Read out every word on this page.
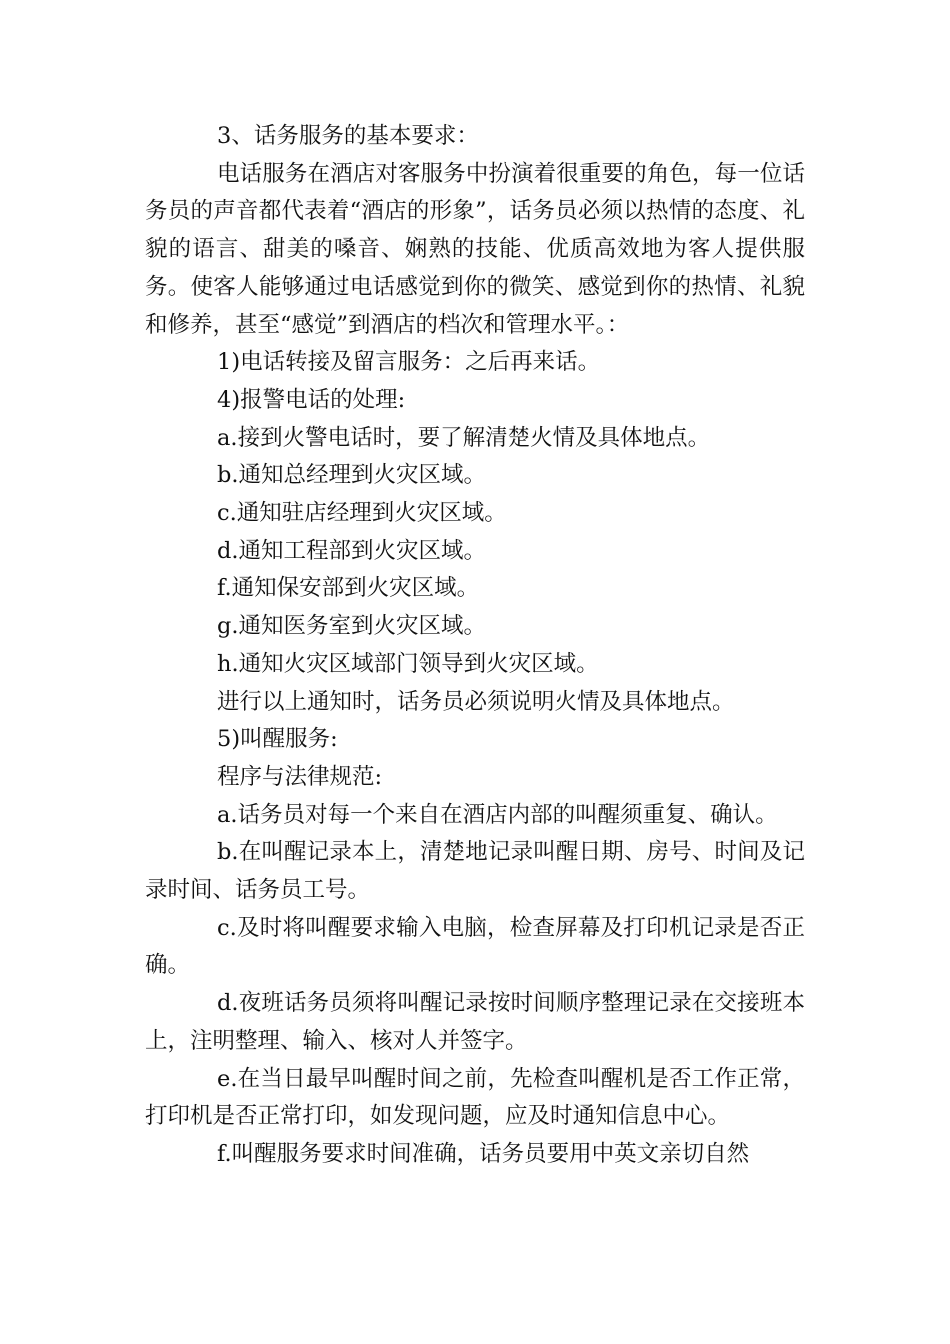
3、话务服务的基本要求：

电话服务在酒店对客服务中扮演着很重要的角色，每一位话务员的声音都代表着“酒店的形象”，话务员必须以热情的态度、礼貌的语言、甜美的嗓音、娴熟的技能、优质高效地为客人提供服务。使客人能够通过电话感觉到你的微笑、感觉到你的热情、礼貌和修养，甚至“感觉”到酒店的档次和管理水平。：

1)电话转接及留言服务：之后再来话。

4)报警电话的处理:

a.接到火警电话时，要了解清楚火情及具体地点。

b.通知总经理到火灾区域。

c.通知驻店经理到火灾区域。

d.通知工程部到火灾区域。

f.通知保安部到火灾区域。

g.通知医务室到火灾区域。

h.通知火灾区域部门领导到火灾区域。

进行以上通知时，话务员必须说明火情及具体地点。

5)叫醒服务:

程序与法律规范:

a.话务员对每一个来自在酒店内部的叫醒须重复、确认。

b.在叫醒记录本上，清楚地记录叫醒日期、房号、时间及记录时间、话务员工号。

c.及时将叫醒要求输入电脑，检查屏幕及打印机记录是否正确。

d.夜班话务员须将叫醒记录按时间顺序整理记录在交接班本上，注明整理、输入、核对人并签字。

e.在当日最早叫醒时间之前，先检查叫醒机是否工作正常，打印机是否正常打印，如发现问题，应及时通知信息中心。

f.叫醒服务要求时间准确，话务员要用中英文亲切自然
